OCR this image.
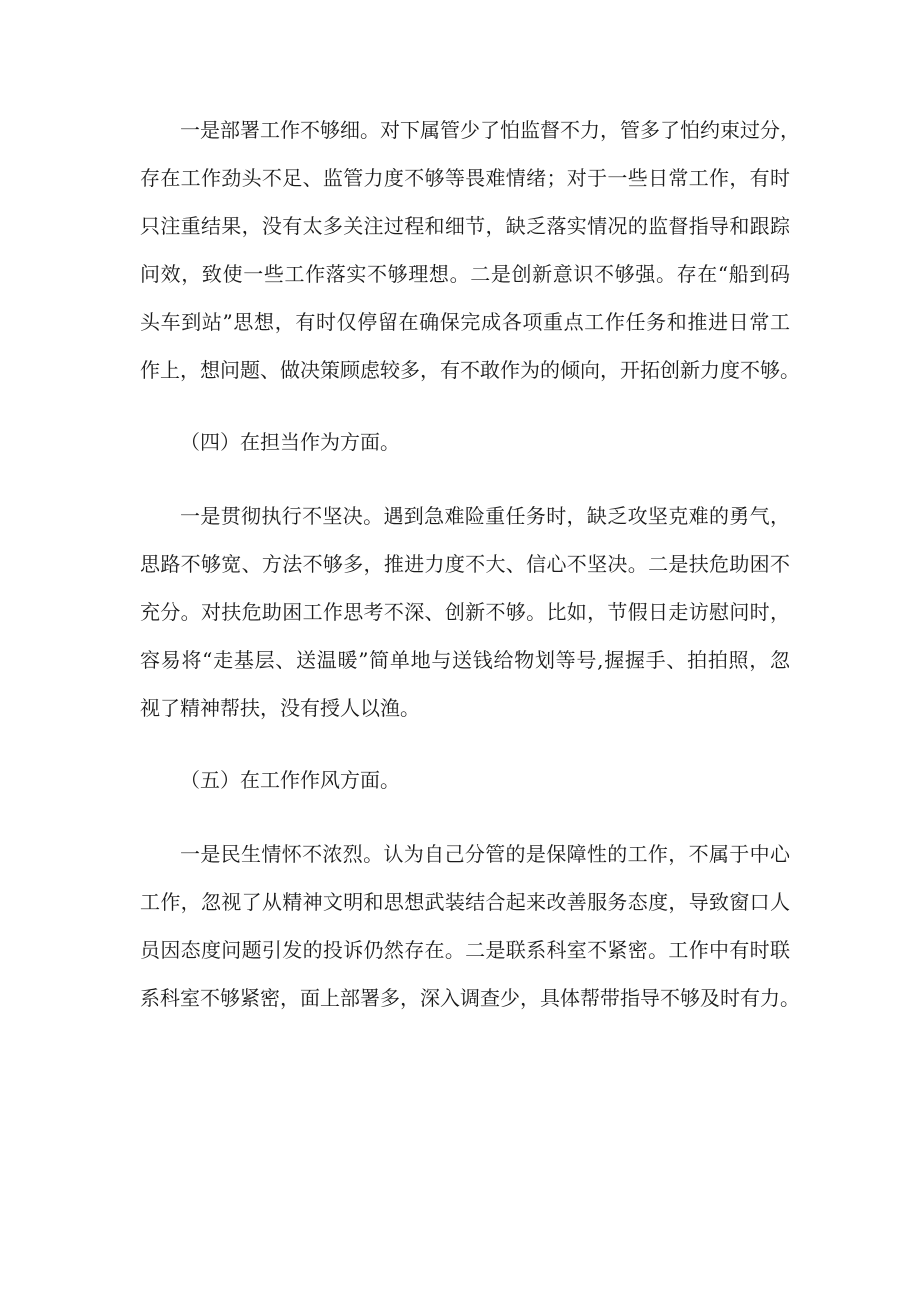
一是部署工作不够细。对下属管少了怕监督不力，管多了怕约束过分，

存在工作劲头不足、监管力度不够等畏难情绪；对于一些日常工作，有时

只注重结果，没有太多关注过程和细节，缺乏落实情况的监督指导和跟踪

问效，致使一些工作落实不够理想。二是创新意识不够强。存在“船到码

头车到站”思想，有时仅停留在确保完成各项重点工作任务和推进日常工

作上，想问题、做决策顾虑较多，有不敢作为的倾向，开拓创新力度不够。

（四）在担当作为方面。

一是贯彻执行不坚决。遇到急难险重任务时，缺乏攻坚克难的勇气，

思路不够宽、方法不够多，推进力度不大、信心不坚决。二是扶危助困不

充分。对扶危助困工作思考不深、创新不够。比如，节假日走访慰问时，

容易将“走基层、送温暖”简单地与送钱给物划等号,握握手、拍拍照，忽

视了精神帮扶，没有授人以渔。

（五）在工作作风方面。

一是民生情怀不浓烈。认为自己分管的是保障性的工作，不属于中心

工作，忽视了从精神文明和思想武装结合起来改善服务态度，导致窗口人

员因态度问题引发的投诉仍然存在。二是联系科室不紧密。工作中有时联

系科室不够紧密，面上部署多，深入调查少，具体帮带指导不够及时有力。
